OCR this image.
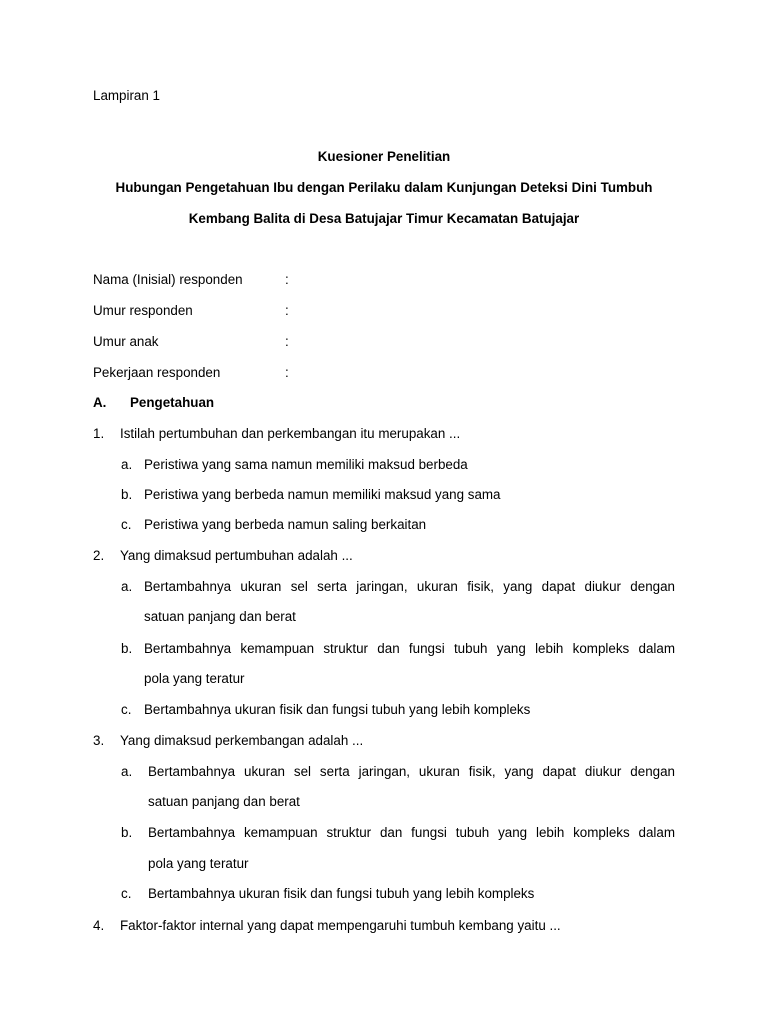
Lampiran 1
Kuesioner Penelitian
Hubungan Pengetahuan Ibu dengan Perilaku dalam Kunjungan Deteksi Dini Tumbuh
Kembang Balita di Desa Batujajar Timur Kecamatan Batujajar
Nama (Inisial) responden	:
Umur responden	:
Umur anak	:
Pekerjaan responden	:
A. Pengetahuan
1. Istilah pertumbuhan dan perkembangan itu merupakan ...
a. Peristiwa yang sama namun memiliki maksud berbeda
b. Peristiwa yang berbeda namun memiliki maksud yang sama
c. Peristiwa yang berbeda namun saling berkaitan
2. Yang dimaksud pertumbuhan adalah ...
a. Bertambahnya ukuran sel serta jaringan, ukuran fisik, yang dapat diukur dengan
satuan panjang dan berat
b. Bertambahnya kemampuan struktur dan fungsi tubuh yang lebih kompleks dalam
pola yang teratur
c. Bertambahnya ukuran fisik dan fungsi tubuh yang lebih kompleks
3. Yang dimaksud perkembangan adalah ...
a. Bertambahnya ukuran sel serta jaringan, ukuran fisik, yang dapat diukur dengan
satuan panjang dan berat
b. Bertambahnya kemampuan struktur dan fungsi tubuh yang lebih kompleks dalam
pola yang teratur
c. Bertambahnya ukuran fisik dan fungsi tubuh yang lebih kompleks
4. Faktor-faktor internal yang dapat mempengaruhi tumbuh kembang yaitu ...
